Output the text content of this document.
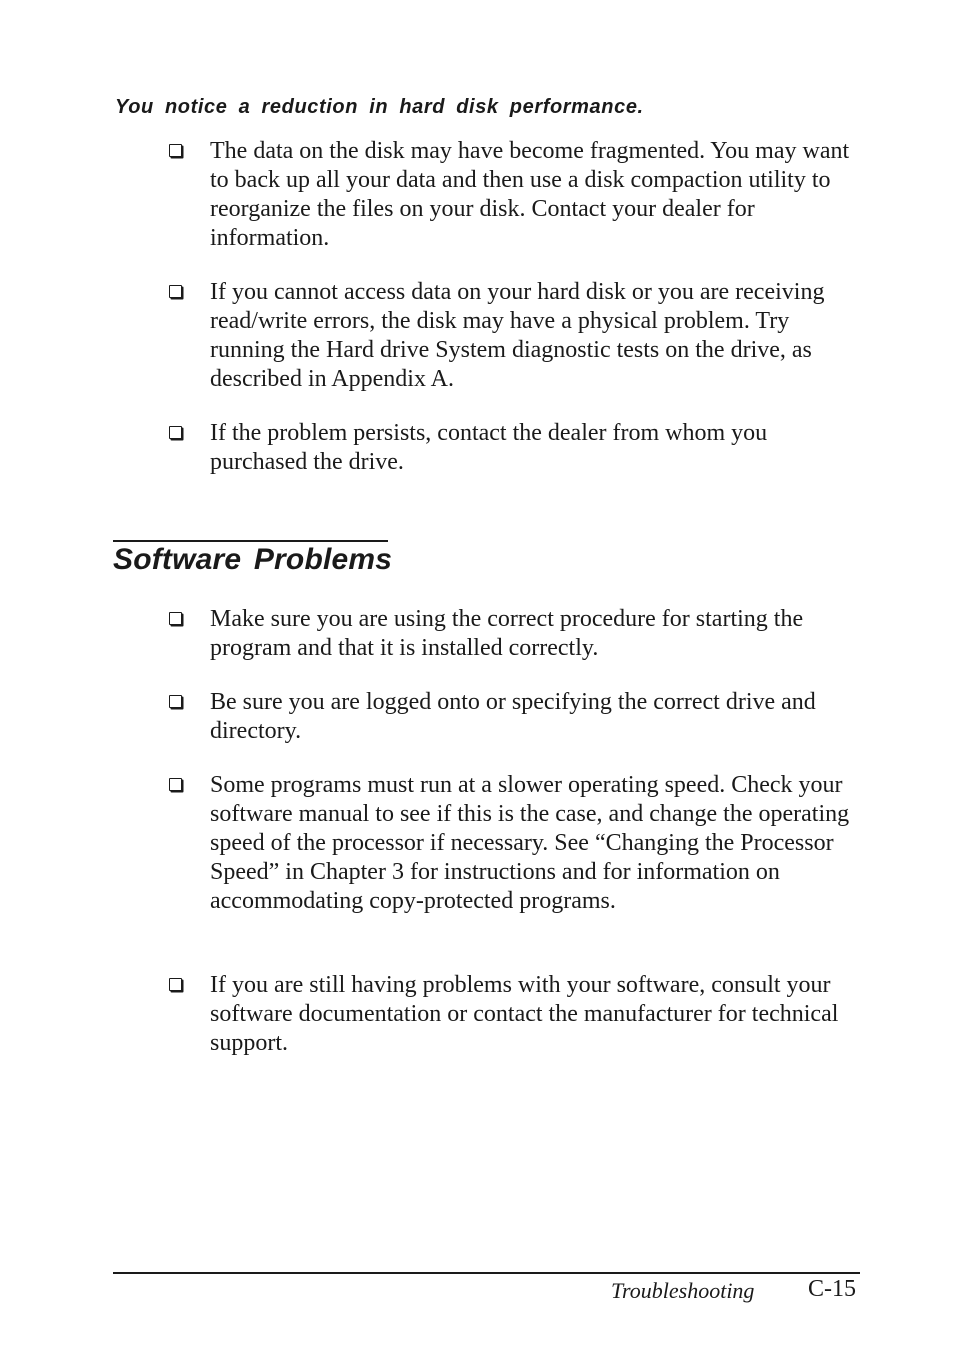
You notice a reduction in hard disk performance.

The data on the disk may have become fragmented. You may want to back up all your data and then use a disk compaction utility to reorganize the files on your disk. Contact your dealer for information.

If you cannot access data on your hard disk or you are receiving read/write errors, the disk may have a physical problem. Try running the Hard drive System diagnostic tests on the drive, as described in Appendix A.

If the problem persists, contact the dealer from whom you purchased the drive.

Software Problems

Make sure you are using the correct procedure for starting the program and that it is installed correctly.

Be sure you are logged onto or specifying the correct drive and directory.

Some programs must run at a slower operating speed. Check your software manual to see if this is the case, and change the operating speed of the processor if necessary. See “Changing the Processor Speed” in Chapter 3 for instructions and for information on accommodating copy-protected programs.

If you are still having problems with your software, consult your software documentation or contact the manufacturer for technical support.

Troubleshooting C-15
